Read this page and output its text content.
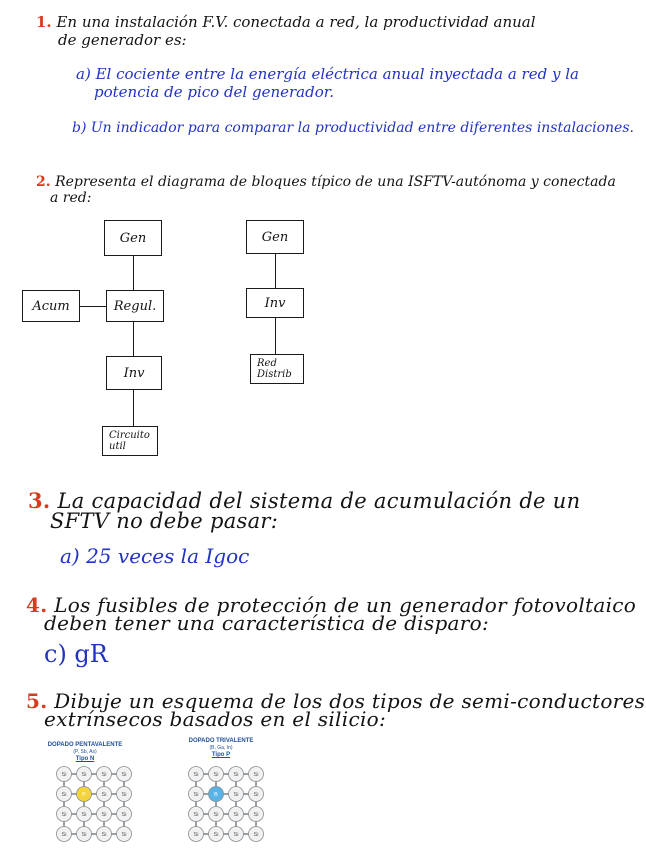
1. En una instalación F.V. conectada a red, la productividad anual
de generador es:
a) El cociente entre la energía eléctrica anual inyectada a red y la
potencia de pico del generador.
b) Un indicador para comparar la productividad entre diferentes instalaciones.
2. Representa el diagrama de bloques típico de una ISFTV-autónoma y conectada
a red:
Gen
Acum	Regul.
Inv
Circuito
util
Gen
Inv
Red
Distrib
3. La capacidad del sistema de acumulación de un
SFTV no debe pasar:
a) 25 veces la Igoc
4. Los fusibles de protección de un generador fotovoltaico
deben tener una característica de disparo:
c) gR
5. Dibuje un esquema de los dos tipos de semi-conductores
extrínsecos basados en el silicio:
DOPADO PENTAVALENTE
(P, Sb, As)
Tipo N
Si	Si	Si	Si
Si	P	Si	Si
Si	Si	Si	Si
Si	Si	Si	Si
DOPADO TRIVALENTE
(B, Ga, In)
Tipo P
Si	Si	Si	Si
Si	B	Si	Si
Si	Si	Si	Si
Si	Si	Si	Si
